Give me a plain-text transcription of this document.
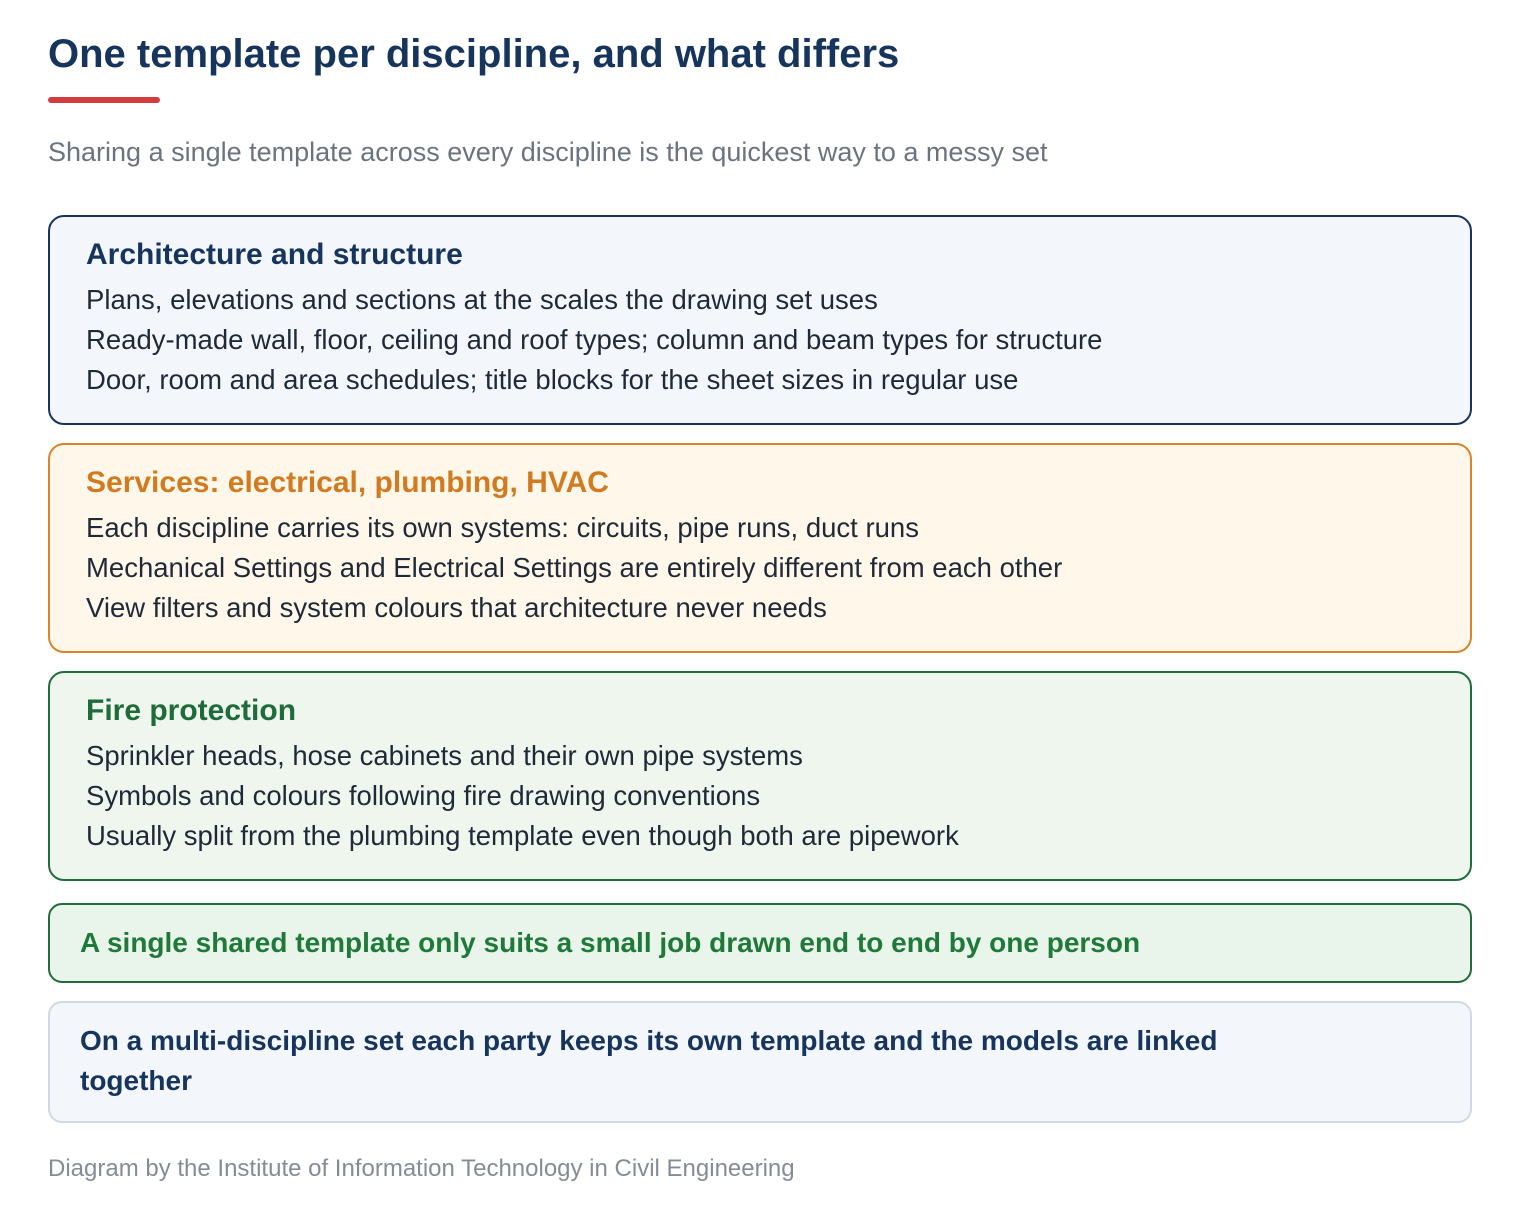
One template per discipline, and what differs
Sharing a single template across every discipline is the quickest way to a messy set
Architecture and structure
Plans, elevations and sections at the scales the drawing set uses
Ready-made wall, floor, ceiling and roof types; column and beam types for structure
Door, room and area schedules; title blocks for the sheet sizes in regular use
Services: electrical, plumbing, HVAC
Each discipline carries its own systems: circuits, pipe runs, duct runs
Mechanical Settings and Electrical Settings are entirely different from each other
View filters and system colours that architecture never needs
Fire protection
Sprinkler heads, hose cabinets and their own pipe systems
Symbols and colours following fire drawing conventions
Usually split from the plumbing template even though both are pipework
A single shared template only suits a small job drawn end to end by one person
On a multi-discipline set each party keeps its own template and the models are linked together
Diagram by the Institute of Information Technology in Civil Engineering
